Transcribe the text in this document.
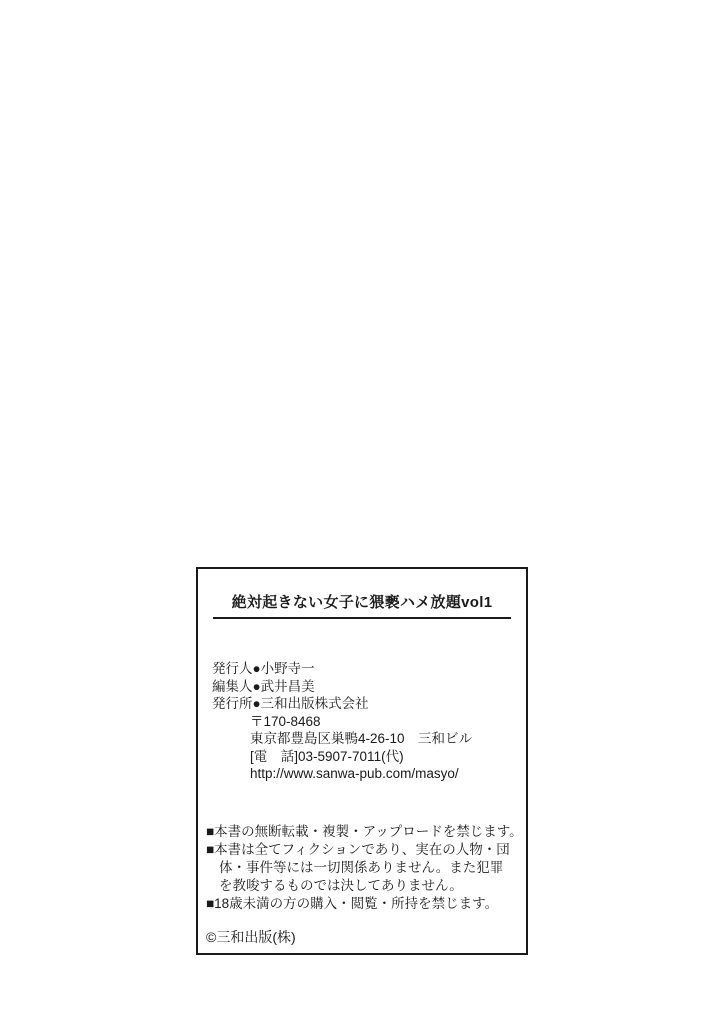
絶対起きない女子に猥褻ハメ放題vol1
発行人●小野寺一
編集人●武井昌美
発行所●三和出版株式会社
〒170-8468
東京都豊島区巣鴨4-26-10　三和ビル
[電　話]03-5907-7011(代)
http://www.sanwa-pub.com/masyo/
■本書の無断転載・複製・アップロードを禁じます。
■本書は全てフィクションであり、実在の人物・団
体・事件等には一切関係ありません。また犯罪
を教唆するものでは決してありません。
■18歳未満の方の購入・閲覧・所持を禁じます。
©三和出版(株)
